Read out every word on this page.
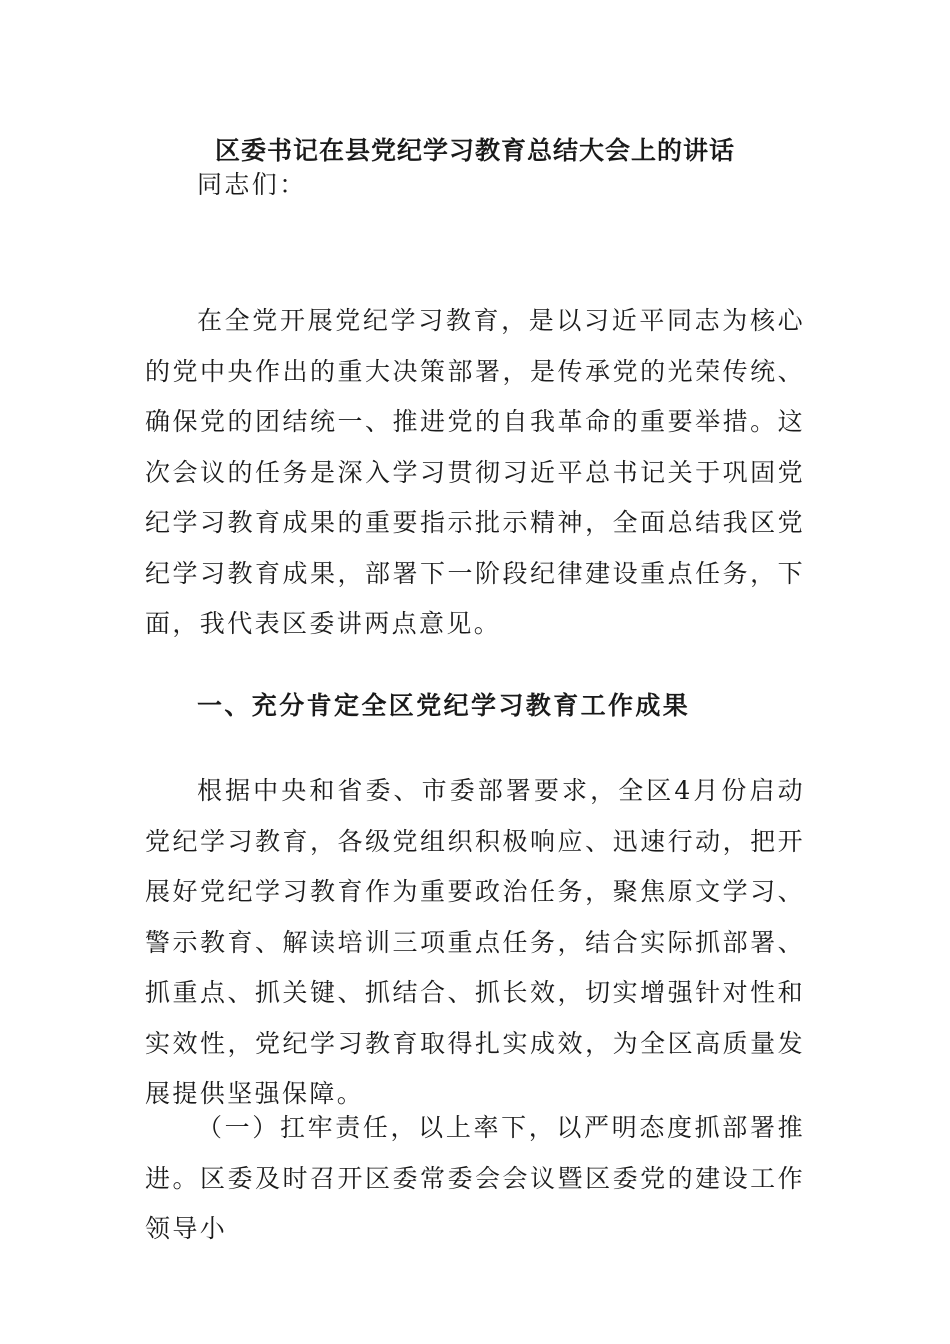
区委书记在县党纪学习教育总结大会上的讲话
同志们：
在全党开展党纪学习教育，是以习近平同志为核心的党中央作出的重大决策部署，是传承党的光荣传统、确保党的团结统一、推进党的自我革命的重要举措。这次会议的任务是深入学习贯彻习近平总书记关于巩固党纪学习教育成果的重要指示批示精神，全面总结我区党纪学习教育成果，部署下一阶段纪律建设重点任务，下面，我代表区委讲两点意见。
一、充分肯定全区党纪学习教育工作成果
根据中央和省委、市委部署要求，全区4月份启动党纪学习教育，各级党组织积极响应、迅速行动，把开展好党纪学习教育作为重要政治任务，聚焦原文学习、警示教育、解读培训三项重点任务，结合实际抓部署、抓重点、抓关键、抓结合、抓长效，切实增强针对性和实效性，党纪学习教育取得扎实成效，为全区高质量发展提供坚强保障。
（一）扛牢责任，以上率下，以严明态度抓部署推进。区委及时召开区委常委会会议暨区委党的建设工作领导小
